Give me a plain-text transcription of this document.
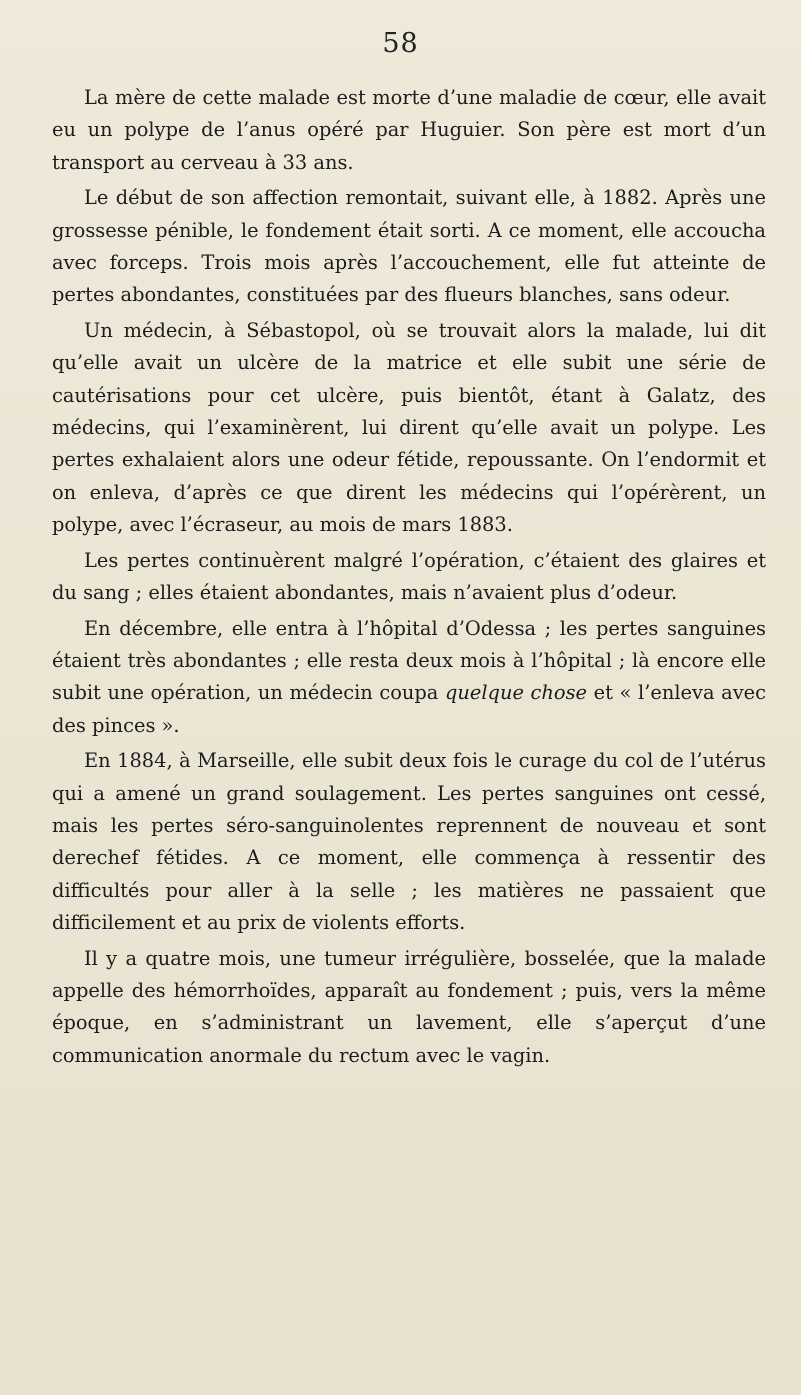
58

La mère de cette malade est morte d’une maladie de cœur, elle avait eu un polype de l’anus opéré par Huguier. Son père est mort d’un transport au cerveau à 33 ans.

Le début de son affection remontait, suivant elle, à 1882. Après une grossesse pénible, le fondement était sorti. A ce moment, elle accoucha avec forceps. Trois mois après l’accouchement, elle fut atteinte de pertes abondantes, constituées par des flueurs blanches, sans odeur.

Un médecin, à Sébastopol, où se trouvait alors la malade, lui dit qu’elle avait un ulcère de la matrice et elle subit une série de cautérisations pour cet ulcère, puis bientôt, étant à Galatz, des médecins, qui l’examinèrent, lui dirent qu’elle avait un polype. Les pertes exhalaient alors une odeur fétide, repoussante. On l’endormit et on enleva, d’après ce que dirent les médecins qui l’opérèrent, un polype, avec l’écraseur, au mois de mars 1883.

Les pertes continuèrent malgré l’opération, c’étaient des glaires et du sang ; elles étaient abondantes, mais n’avaient plus d’odeur.

En décembre, elle entra à l’hôpital d’Odessa ; les pertes sanguines étaient très abondantes ; elle resta deux mois à l’hôpital ; là encore elle subit une opération, un médecin coupa quelque chose et « l’enleva avec des pinces ».

En 1884, à Marseille, elle subit deux fois le curage du col de l’utérus qui a amené un grand soulagement. Les pertes sanguines ont cessé, mais les pertes séro-sanguinolentes reprennent de nouveau et sont derechef fétides. A ce moment, elle commença à ressentir des difficultés pour aller à la selle ; les matières ne passaient que difficilement et au prix de violents efforts.

Il y a quatre mois, une tumeur irrégulière, bosselée, que la malade appelle des hémorrhoïdes, apparaît au fondement ; puis, vers la même époque, en s’administrant un lavement, elle s’aperçut d’une communication anormale du rectum avec le vagin.
